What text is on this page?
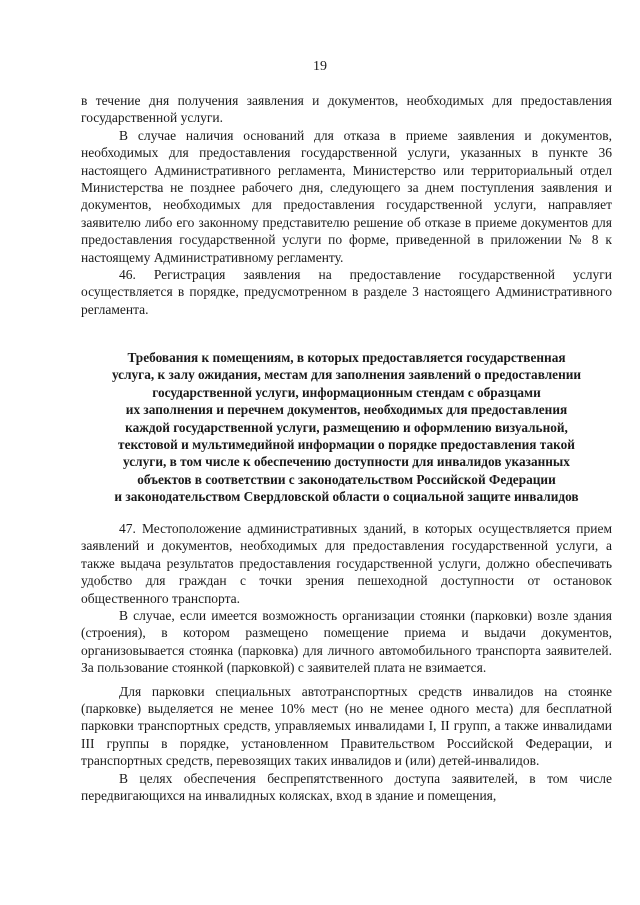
19

в течение дня получения заявления и документов, необходимых для предоставления государственной услуги.

В случае наличия оснований для отказа в приеме заявления и документов, необходимых для предоставления государственной услуги, указанных в пункте 36 настоящего Административного регламента, Министерство или территориальный отдел Министерства не позднее рабочего дня, следующего за днем поступления заявления и документов, необходимых для предоставления государственной услуги, направляет заявителю либо его законному представителю решение об отказе в приеме документов для предоставления государственной услуги по форме, приведенной в приложении № 8 к настоящему Административному регламенту.

46. Регистрация заявления на предоставление государственной услуги осуществляется в порядке, предусмотренном в разделе 3 настоящего Административного регламента.

Требования к помещениям, в которых предоставляется государственная
услуга, к залу ожидания, местам для заполнения заявлений о предоставлении
государственной услуги, информационным стендам с образцами
их заполнения и перечнем документов, необходимых для предоставления
каждой государственной услуги, размещению и оформлению визуальной,
текстовой и мультимедийной информации о порядке предоставления такой
услуги, в том числе к обеспечению доступности для инвалидов указанных
объектов в соответствии с законодательством Российской Федерации
и законодательством Свердловской области о социальной защите инвалидов

47. Местоположение административных зданий, в которых осуществляется прием заявлений и документов, необходимых для предоставления государственной услуги, а также выдача результатов предоставления государственной услуги, должно обеспечивать удобство для граждан с точки зрения пешеходной доступности от остановок общественного транспорта.

В случае, если имеется возможность организации стоянки (парковки) возле здания (строения), в котором размещено помещение приема и выдачи документов, организовывается стоянка (парковка) для личного автомобильного транспорта заявителей. За пользование стоянкой (парковкой) с заявителей плата не взимается.

Для парковки специальных автотранспортных средств инвалидов на стоянке (парковке) выделяется не менее 10% мест (но не менее одного места) для бесплатной парковки транспортных средств, управляемых инвалидами I, II групп, а также инвалидами III группы в порядке, установленном Правительством Российской Федерации, и транспортных средств, перевозящих таких инвалидов и (или) детей-инвалидов.

В целях обеспечения беспрепятственного доступа заявителей, в том числе передвигающихся на инвалидных колясках, вход в здание и помещения,
